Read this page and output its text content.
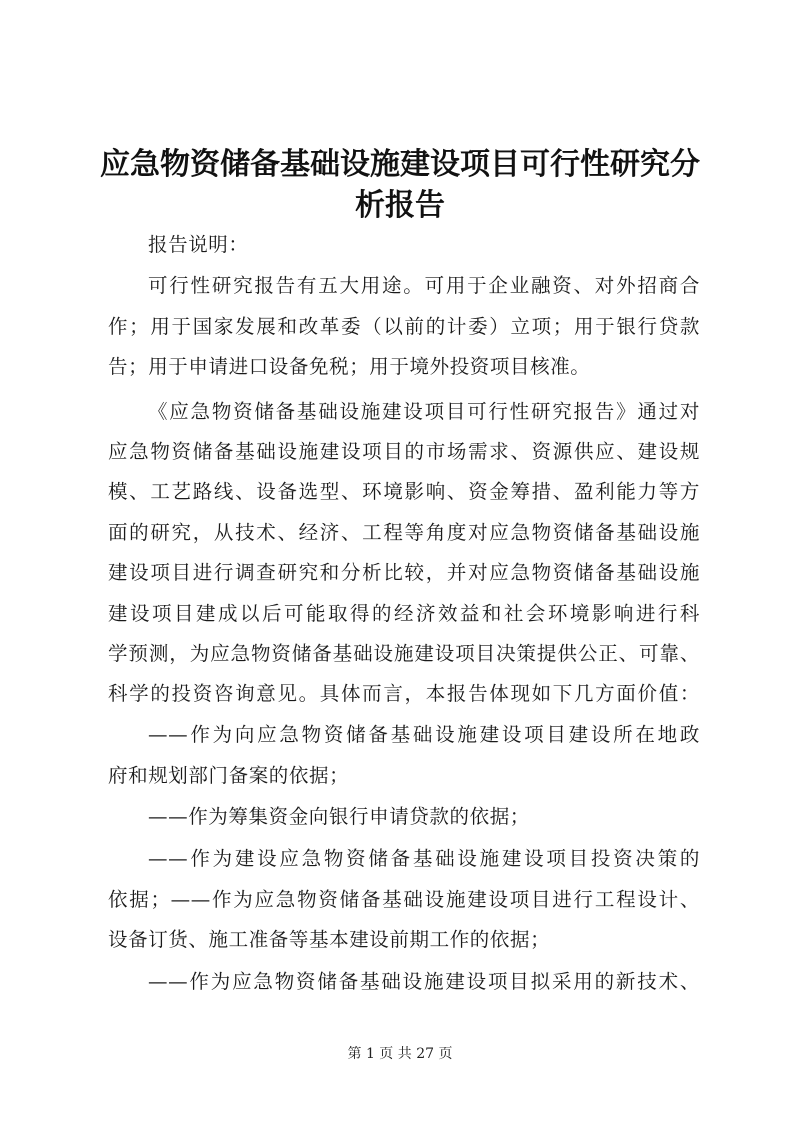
应急物资储备基础设施建设项目可行性研究分
析报告

报告说明：

可行性研究报告有五大用途。可用于企业融资、对外招商合

作；用于国家发展和改革委（以前的计委）立项；用于银行贷款

告；用于申请进口设备免税；用于境外投资项目核准。

《应急物资储备基础设施建设项目可行性研究报告》通过对

应急物资储备基础设施建设项目的市场需求、资源供应、建设规

模、工艺路线、设备选型、环境影响、资金筹措、盈利能力等方

面的研究，从技术、经济、工程等角度对应急物资储备基础设施

建设项目进行调查研究和分析比较，并对应急物资储备基础设施

建设项目建成以后可能取得的经济效益和社会环境影响进行科

学预测，为应急物资储备基础设施建设项目决策提供公正、可靠、

科学的投资咨询意见。具体而言，本报告体现如下几方面价值：

——作为向应急物资储备基础设施建设项目建设所在地政

府和规划部门备案的依据；

——作为筹集资金向银行申请贷款的依据；

——作为建设应急物资储备基础设施建设项目投资决策的

依据；——作为应急物资储备基础设施建设项目进行工程设计、

设备订货、施工准备等基本建设前期工作的依据；

——作为应急物资储备基础设施建设项目拟采用的新技术、

第 1 页 共 27 页
